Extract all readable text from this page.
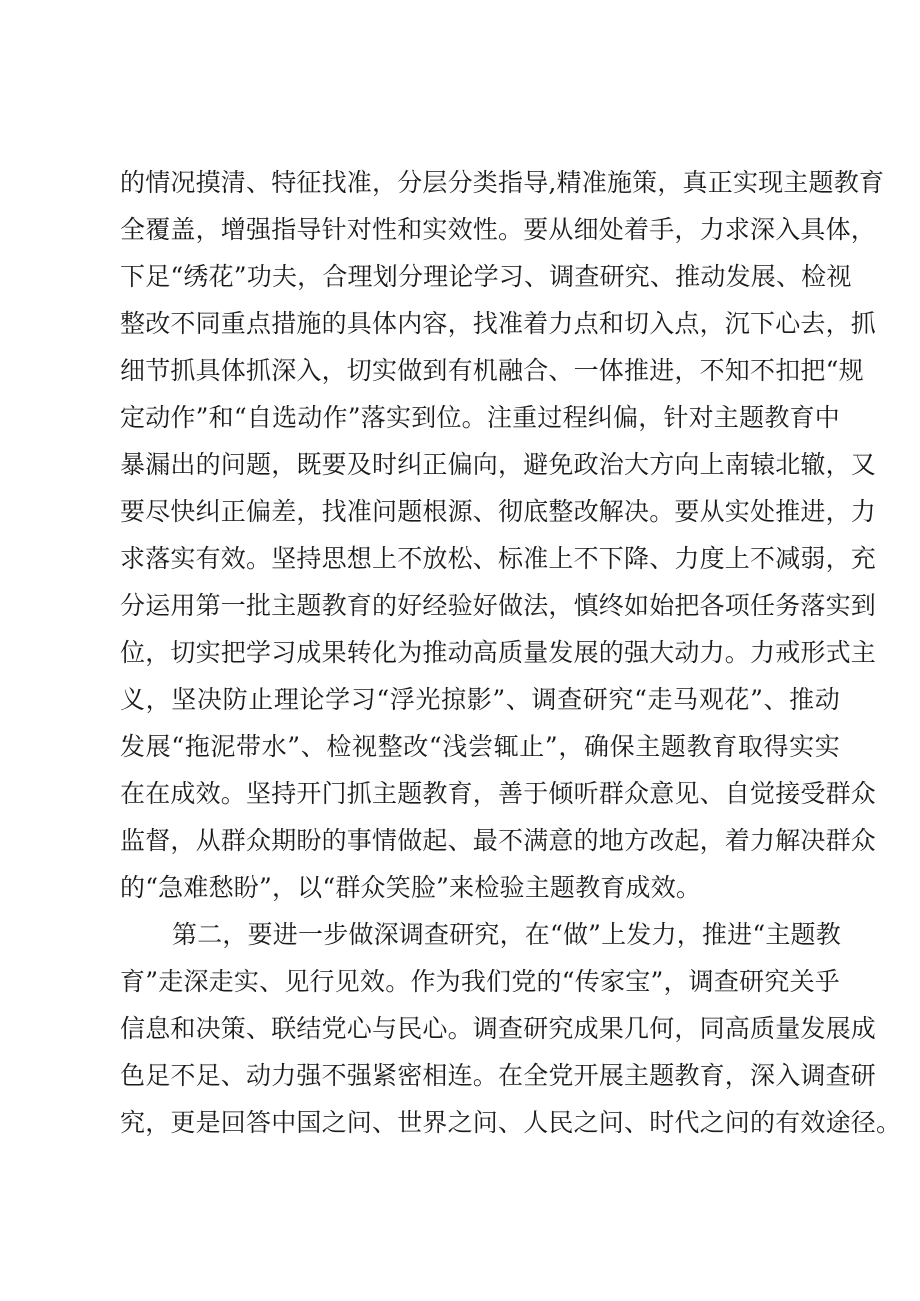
的情况摸清、特征找准，分层分类指导,精准施策，真正实现主题教育

全覆盖，增强指导针对性和实效性。要从细处着手，力求深入具体，

下足“绣花”功夫，合理划分理论学习、调查研究、推动发展、检视

整改不同重点措施的具体内容，找准着力点和切入点，沉下心去，抓

细节抓具体抓深入，切实做到有机融合、一体推进，不知不扣把“规

定动作”和“自选动作”落实到位。注重过程纠偏，针对主题教育中

暴漏出的问题，既要及时纠正偏向，避免政治大方向上南辕北辙，又

要尽快纠正偏差，找准问题根源、彻底整改解决。要从实处推进，力

求落实有效。坚持思想上不放松、标准上不下降、力度上不减弱，充

分运用第一批主题教育的好经验好做法，慎终如始把各项任务落实到

位，切实把学习成果转化为推动高质量发展的强大动力。力戒形式主

义，坚决防止理论学习“浮光掠影”、调查研究“走马观花”、推动

发展“拖泥带水”、检视整改“浅尝辄止”，确保主题教育取得实实

在在成效。坚持开门抓主题教育，善于倾听群众意见、自觉接受群众

监督，从群众期盼的事情做起、最不满意的地方改起，着力解决群众

的“急难愁盼”，以“群众笑脸”来检验主题教育成效。

第二，要进一步做深调查研究，在“做”上发力，推进“主题教

育”走深走实、见行见效。作为我们党的“传家宝”，调查研究关乎

信息和决策、联结党心与民心。调查研究成果几何，同高质量发展成

色足不足、动力强不强紧密相连。在全党开展主题教育，深入调查研

究，更是回答中国之问、世界之问、人民之问、时代之问的有效途径。
